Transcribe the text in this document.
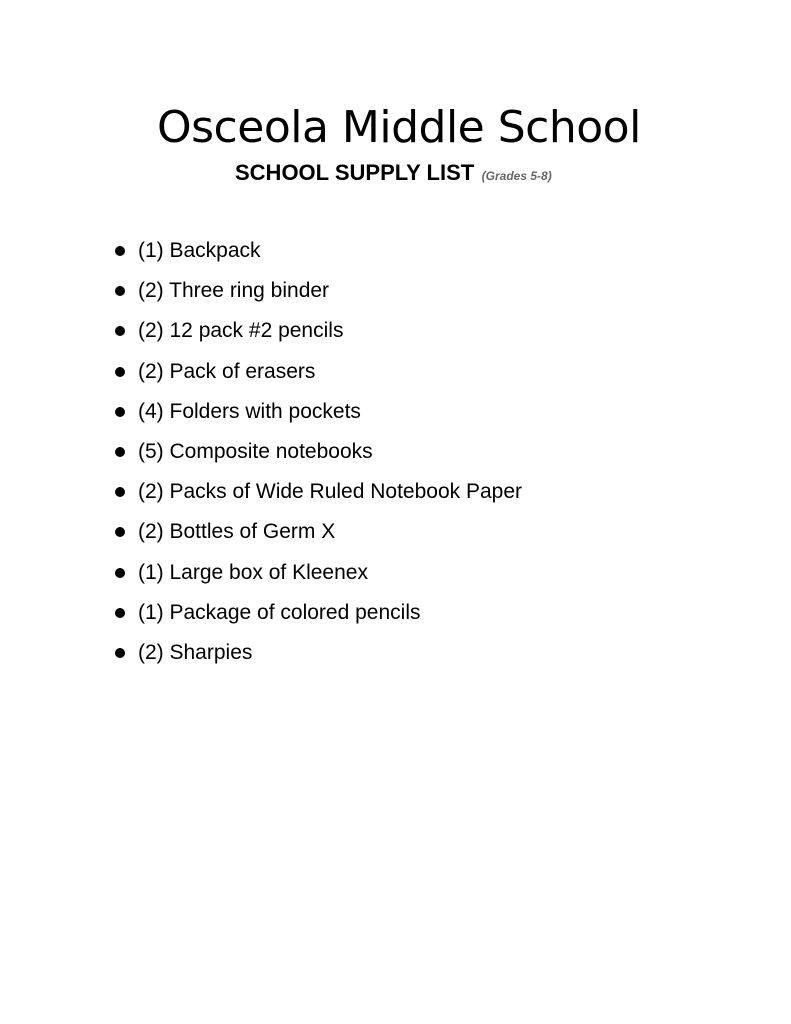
Osceola Middle School

SCHOOL SUPPLY LIST (Grades 5-8)

(1) Backpack
(2) Three ring binder
(2) 12 pack #2 pencils
(2) Pack of erasers
(4) Folders with pockets
(5) Composite notebooks
(2) Packs of Wide Ruled Notebook Paper
(2) Bottles of Germ X
(1) Large box of Kleenex
(1) Package of colored pencils
(2) Sharpies
